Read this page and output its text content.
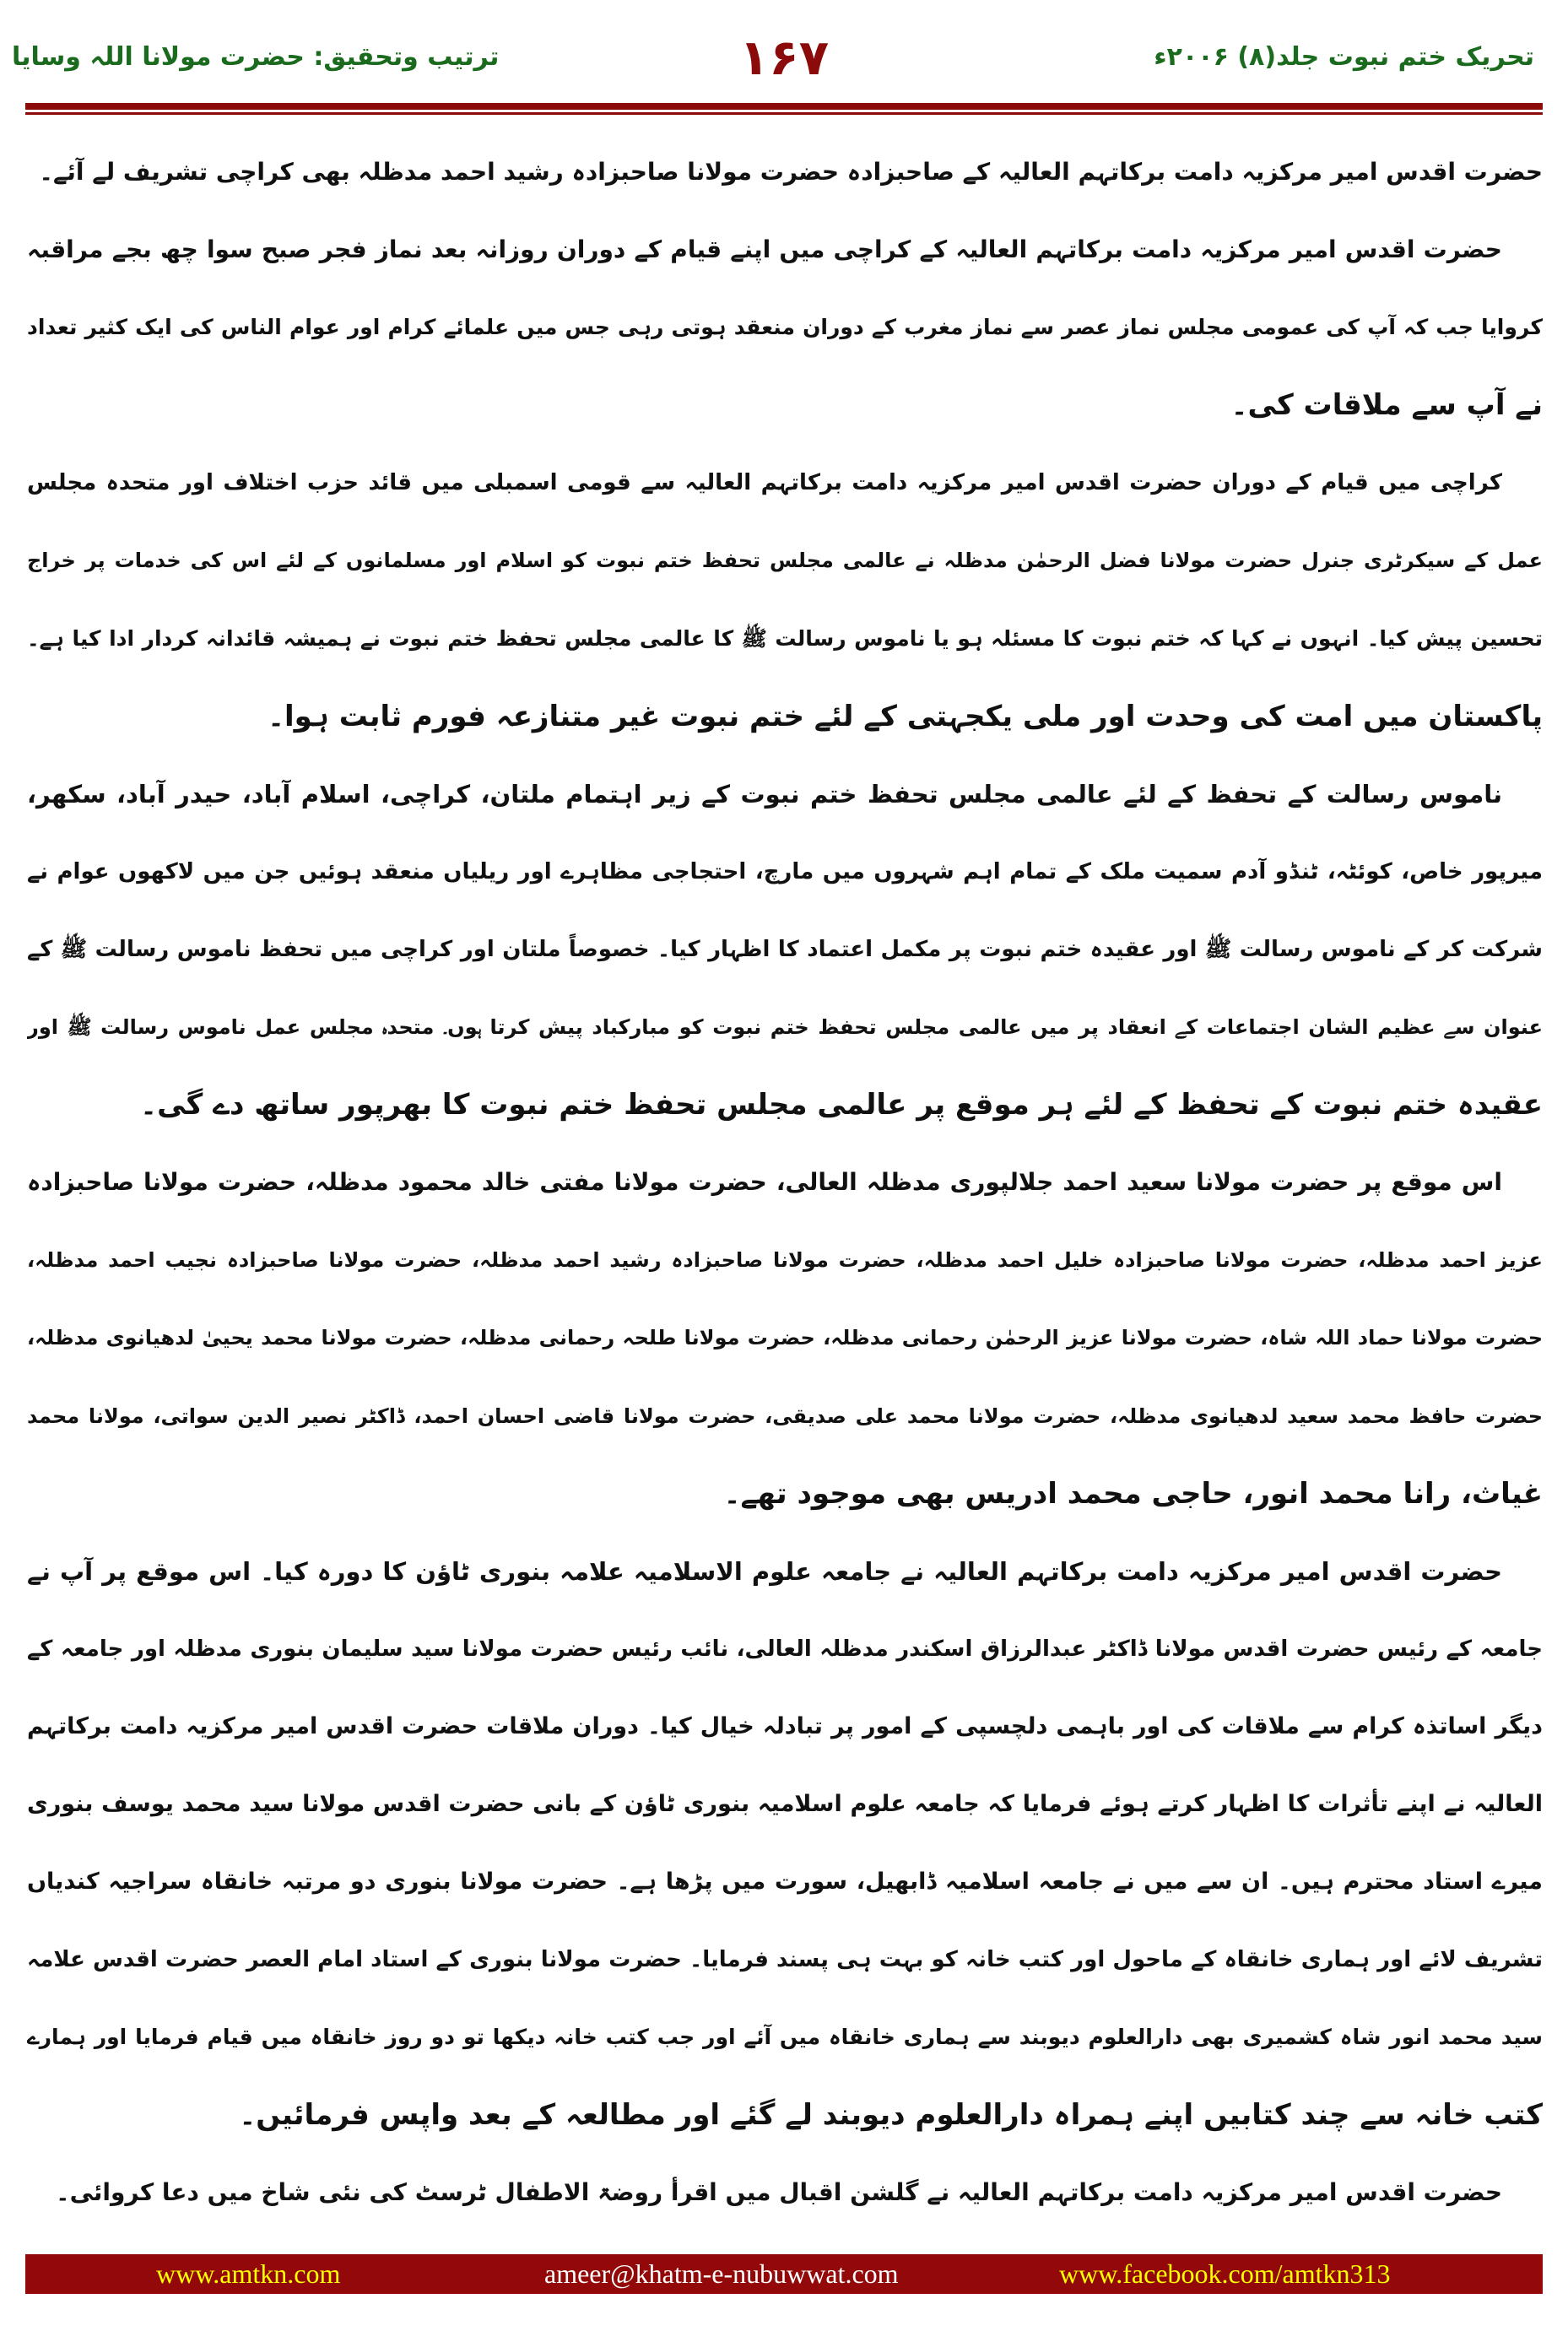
تحریک ختم نبوت جلد(۸) ۲۰۰۶ء
۱۶۷
ترتیب وتحقیق: حضرت مولانا اللہ وسایا
حضرت اقدس امیر مرکزیہ دامت برکاتہم العالیہ کے صاحبزادہ حضرت مولانا صاحبزادہ رشید احمد مدظلہ بھی کراچی تشریف لے آئے۔
حضرت اقدس امیر مرکزیہ دامت برکاتہم العالیہ کے کراچی میں اپنے قیام کے دوران روزانہ بعد نماز فجر صبح سوا چھ بجے مراقبہ
کروایا جب کہ آپ کی عمومی مجلس نماز عصر سے نماز مغرب کے دوران منعقد ہوتی رہی جس میں علمائے کرام اور عوام الناس کی ایک کثیر تعداد
نے آپ سے ملاقات کی۔
کراچی میں قیام کے دوران حضرت اقدس امیر مرکزیہ دامت برکاتہم العالیہ سے قومی اسمبلی میں قائد حزب اختلاف اور متحدہ مجلس
عمل کے سیکرٹری جنرل حضرت مولانا فضل الرحمٰن مدظلہ نے عالمی مجلس تحفظ ختم نبوت کو اسلام اور مسلمانوں کے لئے اس کی خدمات پر خراج
تحسین پیش کیا۔ انہوں نے کہا کہ ختم نبوت کا مسئلہ ہو یا ناموس رسالت ﷺ کا عالمی مجلس تحفظ ختم نبوت نے ہمیشہ قائدانہ کردار ادا کیا ہے۔
پاکستان میں امت کی وحدت اور ملی یکجہتی کے لئے ختم نبوت غیر متنازعہ فورم ثابت ہوا۔
ناموس رسالت کے تحفظ کے لئے عالمی مجلس تحفظ ختم نبوت کے زیر اہتمام ملتان، کراچی، اسلام آباد، حیدر آباد، سکھر،
میرپور خاص، کوئٹہ، ٹنڈو آدم سمیت ملک کے تمام اہم شہروں میں مارچ، احتجاجی مظاہرے اور ریلیاں منعقد ہوئیں جن میں لاکھوں عوام نے
شرکت کر کے ناموس رسالت ﷺ اور عقیدہ ختم نبوت پر مکمل اعتماد کا اظہار کیا۔ خصوصاً ملتان اور کراچی میں تحفظ ناموس رسالت ﷺ کے
عنوان سے عظیم الشان اجتماعات کے انعقاد پر میں عالمی مجلس تحفظ ختم نبوت کو مبارکباد پیش کرتا ہوں۔ متحدہ مجلس عمل ناموس رسالت ﷺ اور
عقیدہ ختم نبوت کے تحفظ کے لئے ہر موقع پر عالمی مجلس تحفظ ختم نبوت کا بھرپور ساتھ دے گی۔
اس موقع پر حضرت مولانا سعید احمد جلالپوری مدظلہ العالی، حضرت مولانا مفتی خالد محمود مدظلہ، حضرت مولانا صاحبزادہ
عزیز احمد مدظلہ، حضرت مولانا صاحبزادہ خلیل احمد مدظلہ، حضرت مولانا صاحبزادہ رشید احمد مدظلہ، حضرت مولانا صاحبزادہ نجیب احمد مدظلہ،
حضرت مولانا حماد اللہ شاہ، حضرت مولانا عزیز الرحمٰن رحمانی مدظلہ، حضرت مولانا طلحہ رحمانی مدظلہ، حضرت مولانا محمد یحییٰ لدھیانوی مدظلہ،
حضرت حافظ محمد سعید لدھیانوی مدظلہ، حضرت مولانا محمد علی صدیقی، حضرت مولانا قاضی احسان احمد، ڈاکٹر نصیر الدین سواتی، مولانا محمد
غیاث، رانا محمد انور، حاجی محمد ادریس بھی موجود تھے۔
حضرت اقدس امیر مرکزیہ دامت برکاتہم العالیہ نے جامعہ علوم الاسلامیہ علامہ بنوری ٹاؤن کا دورہ کیا۔ اس موقع پر آپ نے
جامعہ کے رئیس حضرت اقدس مولانا ڈاکٹر عبدالرزاق اسکندر مدظلہ العالی، نائب رئیس حضرت مولانا سید سلیمان بنوری مدظلہ اور جامعہ کے
دیگر اساتذہ کرام سے ملاقات کی اور باہمی دلچسپی کے امور پر تبادلہ خیال کیا۔ دوران ملاقات حضرت اقدس امیر مرکزیہ دامت برکاتہم
العالیہ نے اپنے تأثرات کا اظہار کرتے ہوئے فرمایا کہ جامعہ علوم اسلامیہ بنوری ٹاؤن کے بانی حضرت اقدس مولانا سید محمد یوسف بنوری
میرے استاد محترم ہیں۔ ان سے میں نے جامعہ اسلامیہ ڈابھیل، سورت میں پڑھا ہے۔ حضرت مولانا بنوری دو مرتبہ خانقاہ سراجیہ کندیاں
تشریف لائے اور ہماری خانقاہ کے ماحول اور کتب خانہ کو بہت ہی پسند فرمایا۔ حضرت مولانا بنوری کے استاد امام العصر حضرت اقدس علامہ
سید محمد انور شاہ کشمیری بھی دارالعلوم دیوبند سے ہماری خانقاہ میں آئے اور جب کتب خانہ دیکھا تو دو روز خانقاہ میں قیام فرمایا اور ہمارے
کتب خانہ سے چند کتابیں اپنے ہمراہ دارالعلوم دیوبند لے گئے اور مطالعہ کے بعد واپس فرمائیں۔
حضرت اقدس امیر مرکزیہ دامت برکاتہم العالیہ نے گلشن اقبال میں اقرأ روضۃ الاطفال ٹرسٹ کی نئی شاخ میں دعا کروائی۔
www.amtkn.com	ameer@khatm-e-nubuwwat.com	www.facebook.com/amtkn313
